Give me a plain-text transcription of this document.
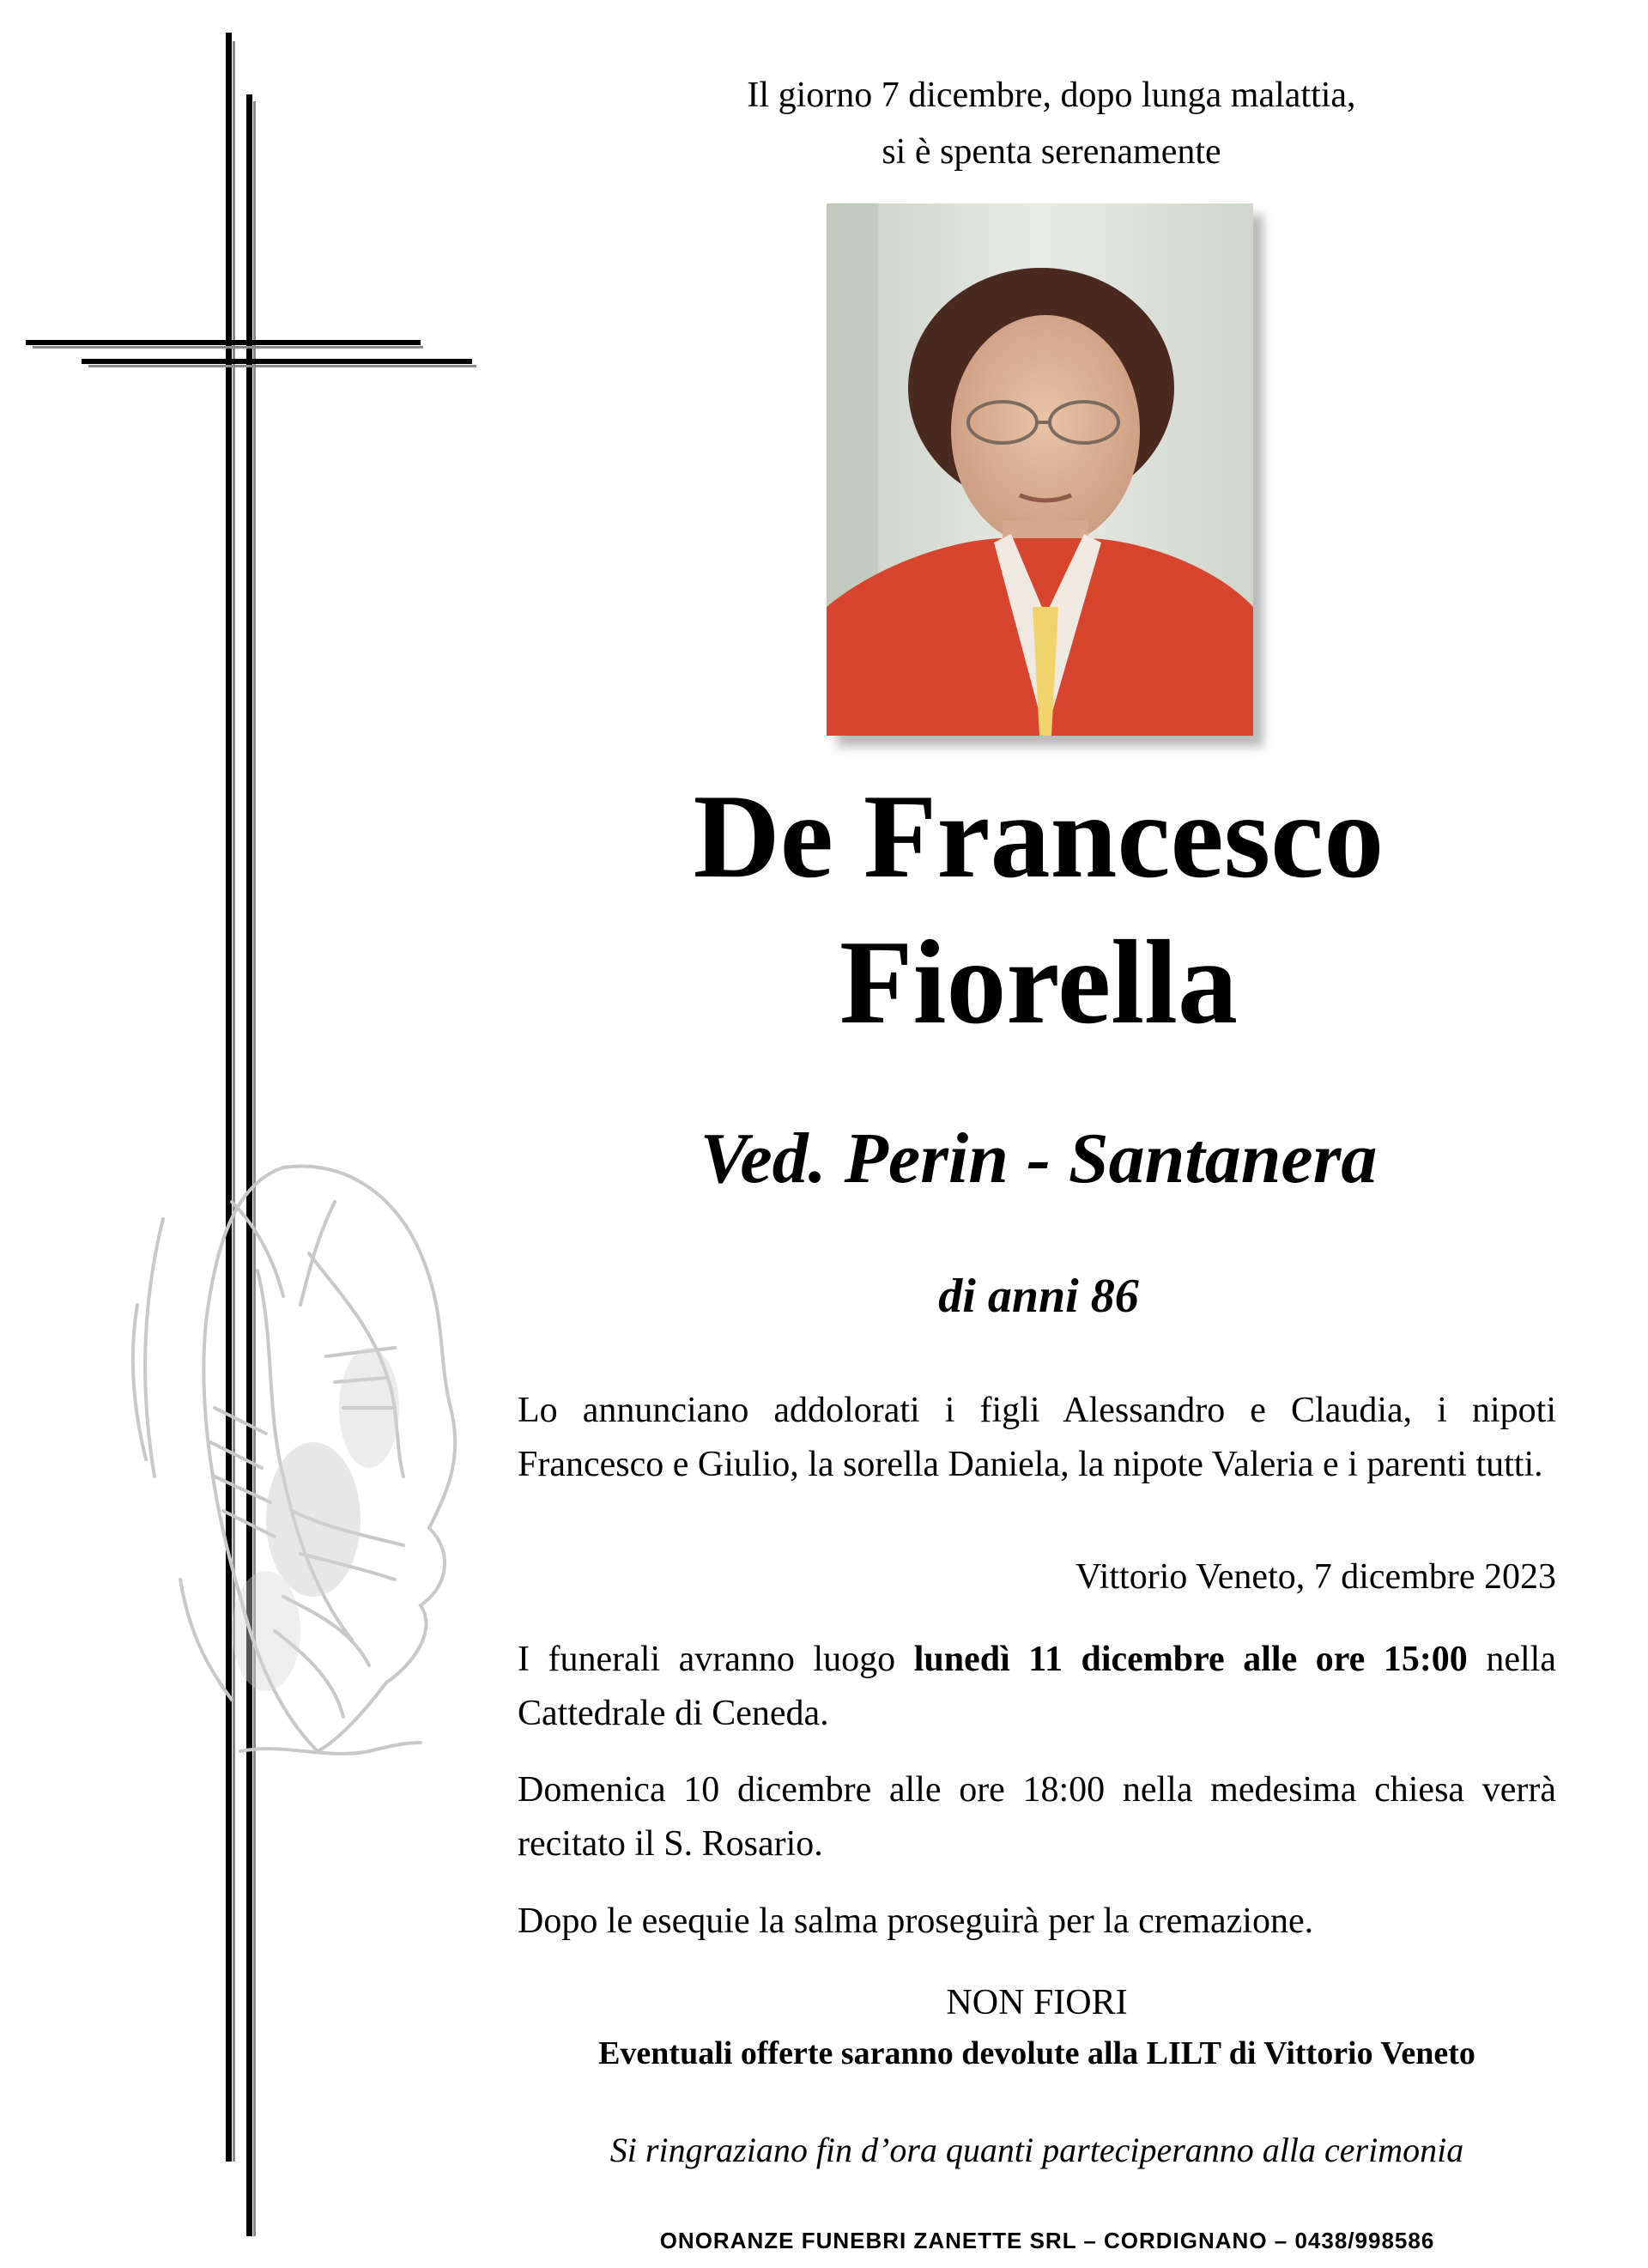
Il giorno 7 dicembre, dopo lunga malattia,
si è spenta serenamente
De Francesco
Fiorella
Ved. Perin - Santanera
di anni 86
Lo annunciano addolorati i figli Alessandro e Claudia, i nipoti Francesco e Giulio, la sorella Daniela, la nipote Valeria e i parenti tutti.
Vittorio Veneto, 7 dicembre 2023
I funerali avranno luogo lunedì 11 dicembre alle ore 15:00 nella Cattedrale di Ceneda.
Domenica 10 dicembre alle ore 18:00 nella medesima chiesa verrà recitato il S. Rosario.
Dopo le esequie la salma proseguirà per la cremazione.
NON FIORI
Eventuali offerte saranno devolute alla LILT di Vittorio Veneto
Si ringraziano fin d’ora quanti parteciperanno alla cerimonia
ONORANZE FUNEBRI ZANETTE SRL – CORDIGNANO – 0438/998586
